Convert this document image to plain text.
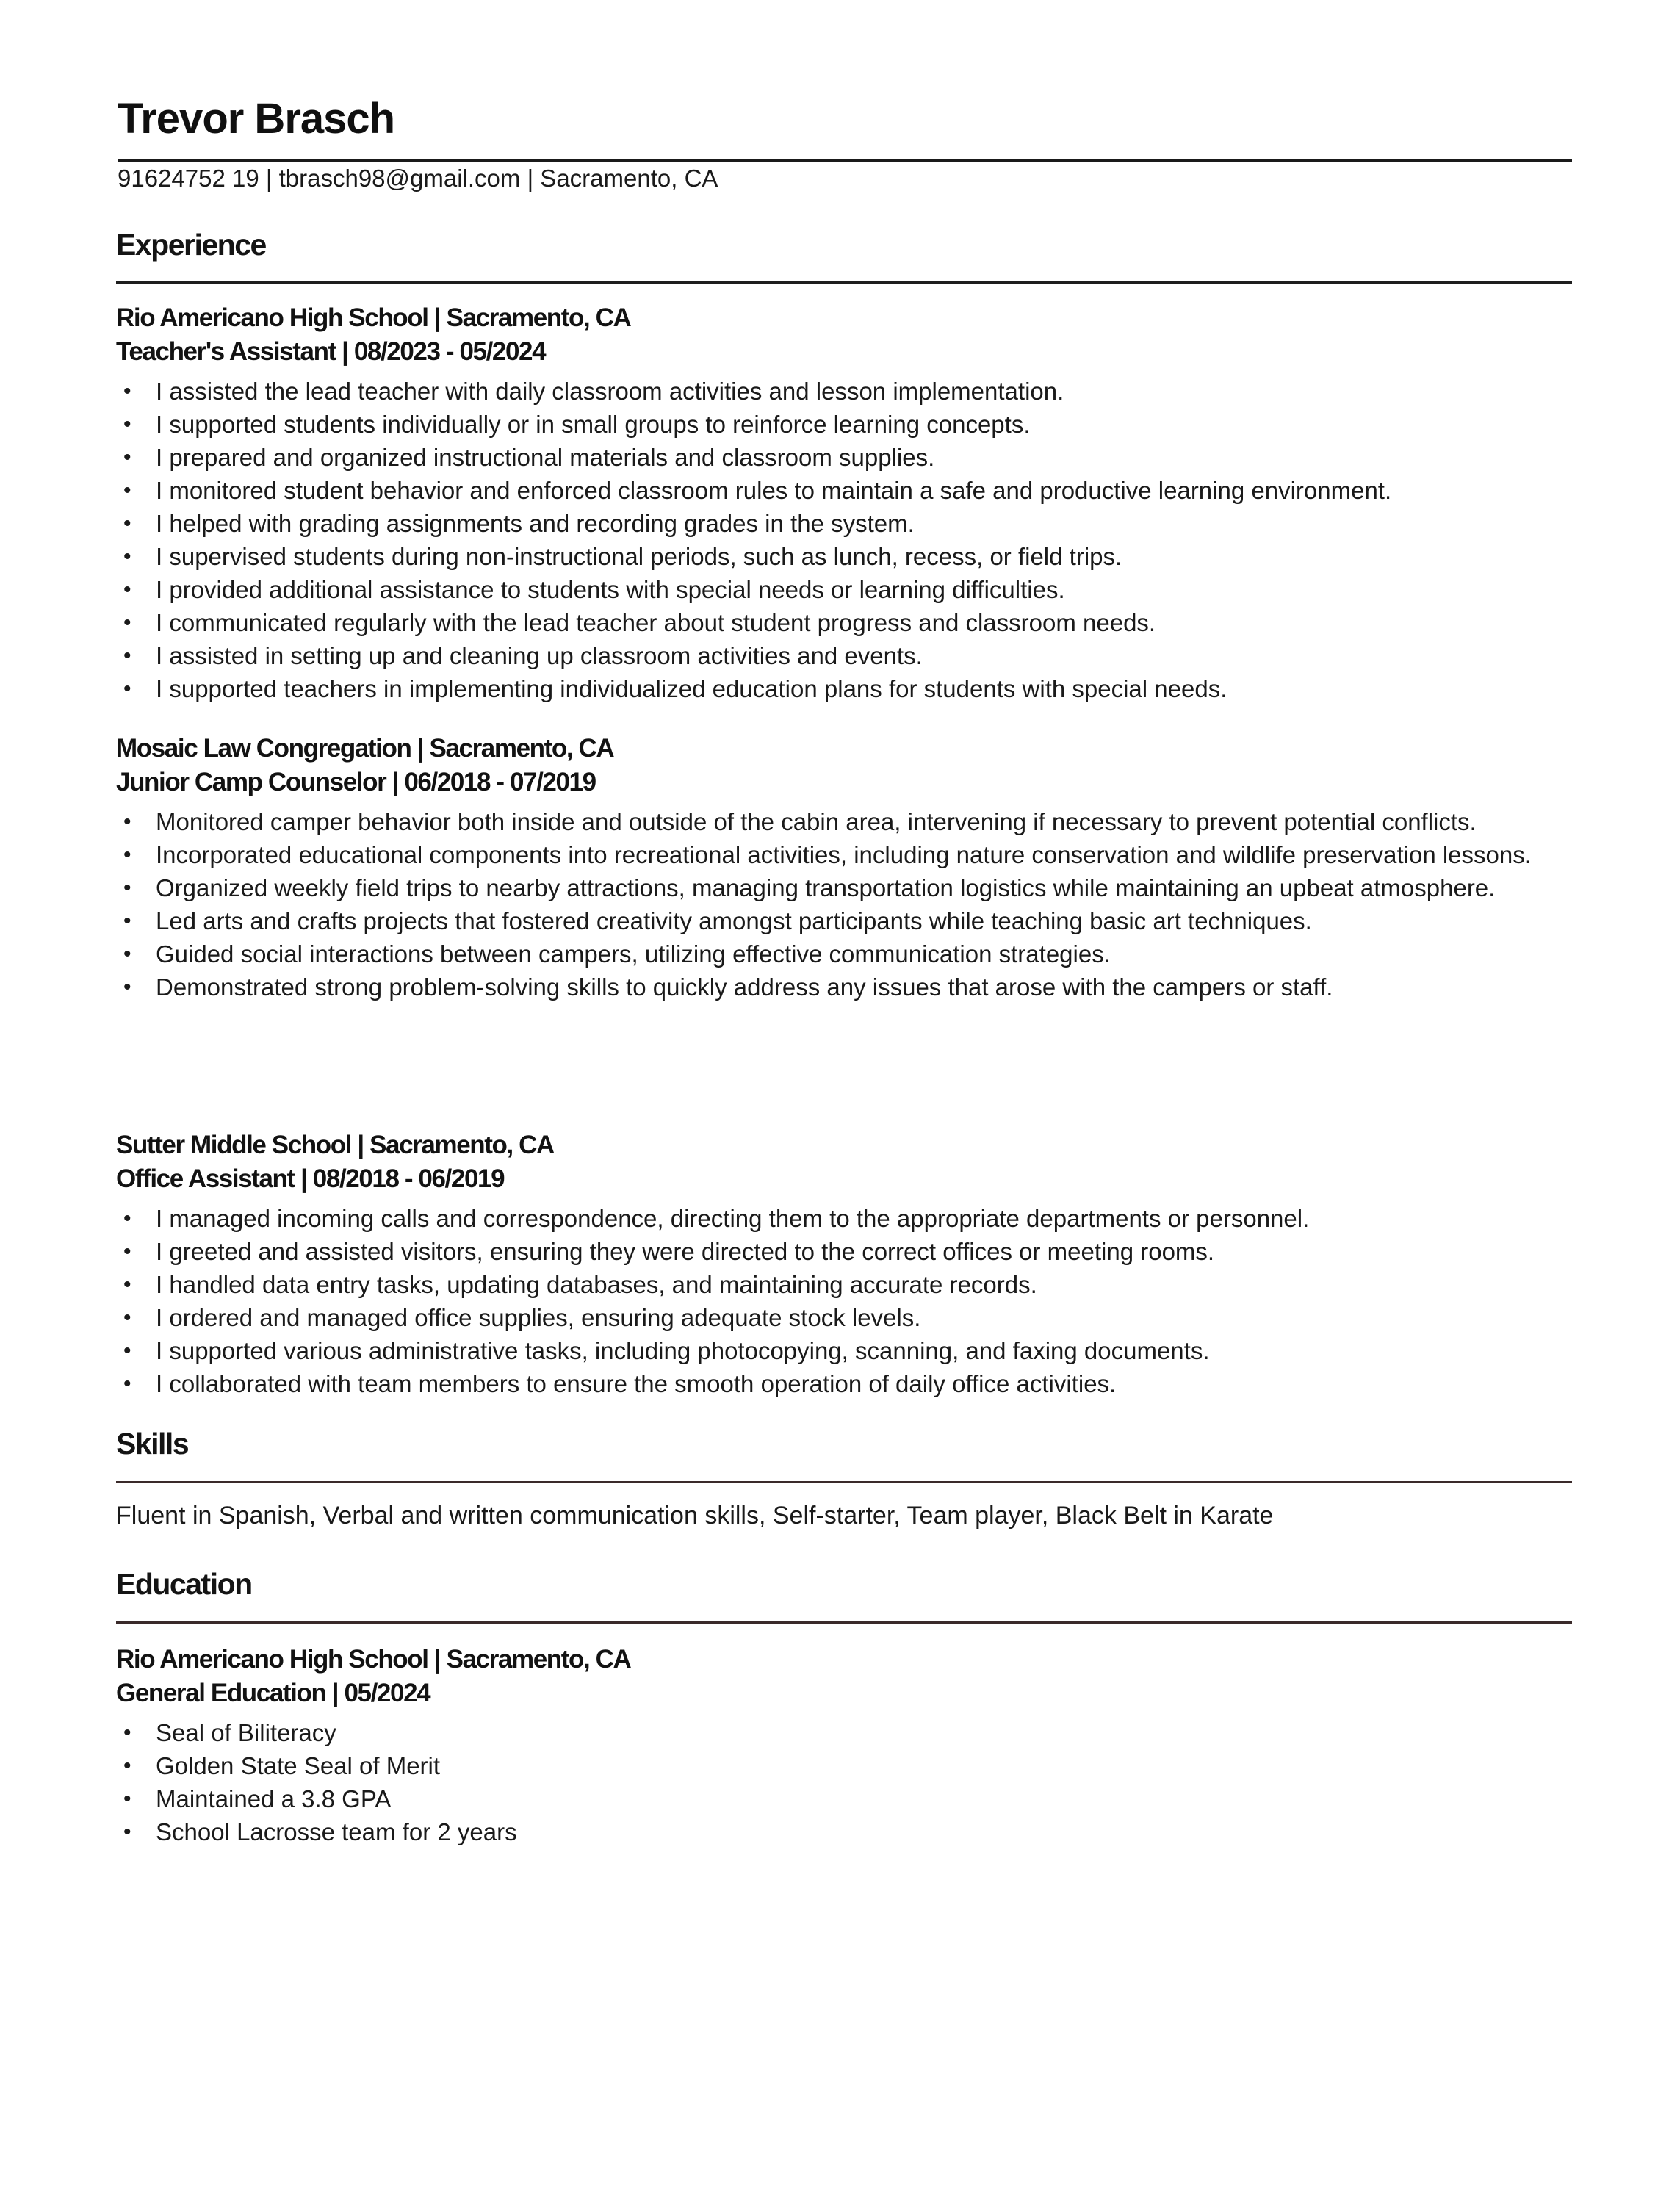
Trevor Brasch
91624752 19 | tbrasch98@gmail.com | Sacramento, CA
Experience
Rio Americano High School | Sacramento, CA
Teacher's Assistant | 08/2023 - 05/2024
• I assisted the lead teacher with daily classroom activities and lesson implementation.
• I supported students individually or in small groups to reinforce learning concepts.
• I prepared and organized instructional materials and classroom supplies.
• I monitored student behavior and enforced classroom rules to maintain a safe and productive learning environment.
• I helped with grading assignments and recording grades in the system.
• I supervised students during non-instructional periods, such as lunch, recess, or field trips.
• I provided additional assistance to students with special needs or learning difficulties.
• I communicated regularly with the lead teacher about student progress and classroom needs.
• I assisted in setting up and cleaning up classroom activities and events.
• I supported teachers in implementing individualized education plans for students with special needs.
Mosaic Law Congregation | Sacramento, CA
Junior Camp Counselor | 06/2018 - 07/2019
• Monitored camper behavior both inside and outside of the cabin area, intervening if necessary to prevent potential conflicts.
• Incorporated educational components into recreational activities, including nature conservation and wildlife preservation lessons.
• Organized weekly field trips to nearby attractions, managing transportation logistics while maintaining an upbeat atmosphere.
• Led arts and crafts projects that fostered creativity amongst participants while teaching basic art techniques.
• Guided social interactions between campers, utilizing effective communication strategies.
• Demonstrated strong problem-solving skills to quickly address any issues that arose with the campers or staff.
Sutter Middle School | Sacramento, CA
Office Assistant | 08/2018 - 06/2019
• I managed incoming calls and correspondence, directing them to the appropriate departments or personnel.
• I greeted and assisted visitors, ensuring they were directed to the correct offices or meeting rooms.
• I handled data entry tasks, updating databases, and maintaining accurate records.
• I ordered and managed office supplies, ensuring adequate stock levels.
• I supported various administrative tasks, including photocopying, scanning, and faxing documents.
• I collaborated with team members to ensure the smooth operation of daily office activities.
Skills
Fluent in Spanish, Verbal and written communication skills, Self-starter, Team player, Black Belt in Karate
Education
Rio Americano High School | Sacramento, CA
General Education | 05/2024
• Seal of Biliteracy
• Golden State Seal of Merit
• Maintained a 3.8 GPA
• School Lacrosse team for 2 years
